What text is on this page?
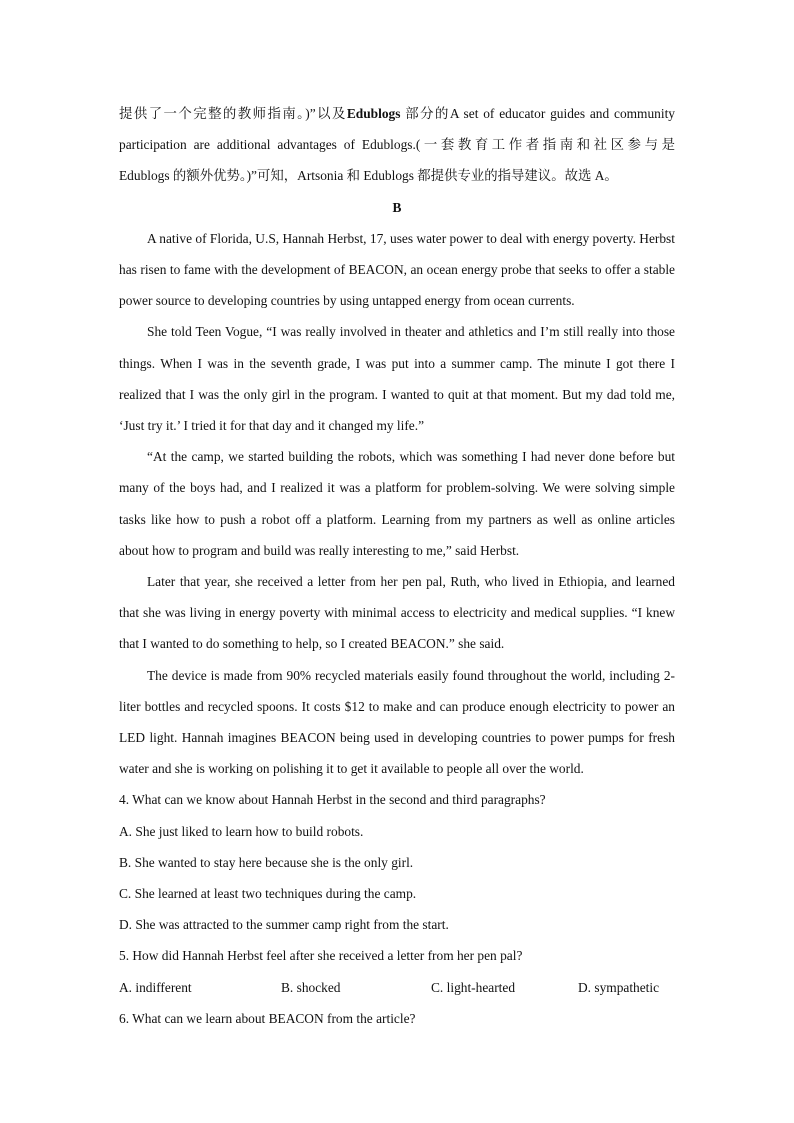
提供了一个完整的教师指南。)”以及Edublogs 部分的A set of educator guides and community

participation are additional advantages of Edublogs.(一套教育工作者指南和社区参与是

Edublogs 的额外优势。)”可知，Artsonia 和 Edublogs 都提供专业的指导建议。故选 A。

B

A native of Florida, U.S, Hannah Herbst, 17, uses water power to deal with energy poverty. Herbst has risen to fame with the development of BEACON, an ocean energy probe that seeks to offer a stable power source to developing countries by using untapped energy from ocean currents.

She told Teen Vogue, “I was really involved in theater and athletics and I’m still really into those things. When I was in the seventh grade, I was put into a summer camp. The minute I got there I realized that I was the only girl in the program. I wanted to quit at that moment. But my dad told me, ‘Just try it.’ I tried it for that day and it changed my life.”

“At the camp, we started building the robots, which was something I had never done before but many of the boys had, and I realized it was a platform for problem-solving. We were solving simple tasks like how to push a robot off a platform. Learning from my partners as well as online articles about how to program and build was really interesting to me,” said Herbst.

Later that year, she received a letter from her pen pal, Ruth, who lived in Ethiopia, and learned that she was living in energy poverty with minimal access to electricity and medical supplies. “I knew that I wanted to do something to help, so I created BEACON.” she said.

The device is made from 90% recycled materials easily found throughout the world, including 2-liter bottles and recycled spoons. It costs $12 to make and can produce enough electricity to power an LED light. Hannah imagines BEACON being used in developing countries to power pumps for fresh water and she is working on polishing it to get it available to people all over the world.

4. What can we know about Hannah Herbst in the second and third paragraphs?

A. She just liked to learn how to build robots.

B. She wanted to stay here because she is the only girl.

C. She learned at least two techniques during the camp.

D. She was attracted to the summer camp right from the start.

5. How did Hannah Herbst feel after she received a letter from her pen pal?

A. indifferent	B. shocked	C. light-hearted	D. sympathetic

6. What can we learn about BEACON from the article?
